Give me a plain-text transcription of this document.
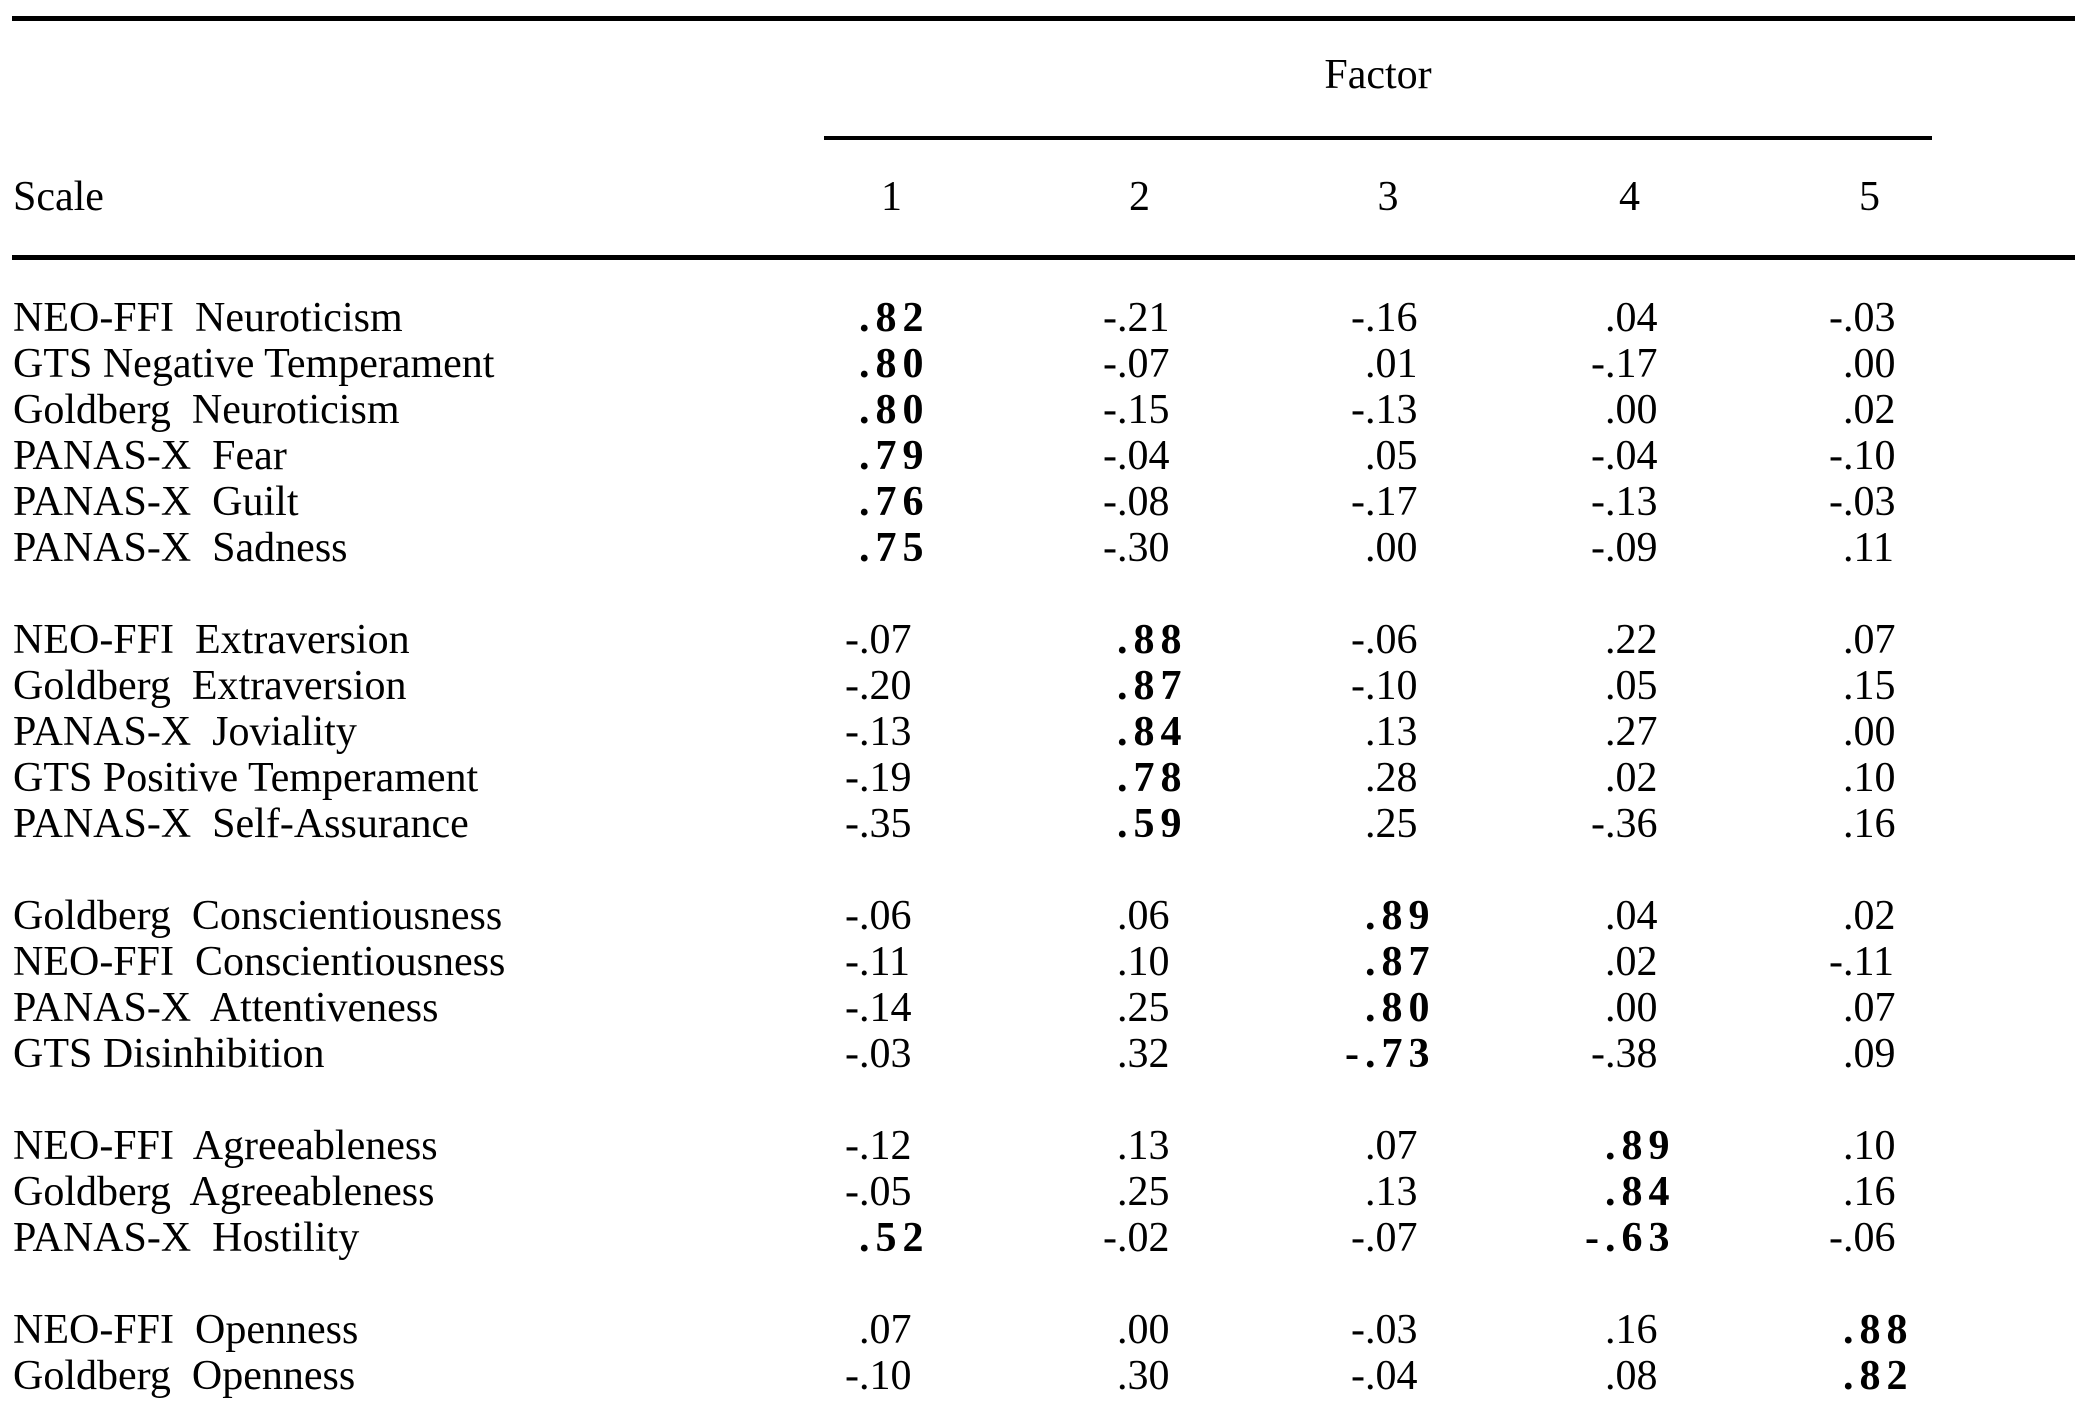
Factor
Scale	1	2	3	4	5
NEO-FFI  Neuroticism	.82	- .21	- .16	.04	- .03
GTS Negative Temperament	.80	- .07	.01	- .17	.00
Goldberg  Neuroticism	.80	- .15	- .13	.00	.02
PANAS-X  Fear	.79	- .04	.05	- .04	- .10
PANAS-X  Guilt	.76	- .08	- .17	- .13	- .03
PANAS-X  Sadness	.75	- .30	.00	- .09	.11
NEO-FFI  Extraversion	- .07	.88	- .06	.22	.07
Goldberg  Extraversion	- .20	.87	- .10	.05	.15
PANAS-X  Joviality	- .13	.84	.13	.27	.00
GTS Positive Temperament	- .19	.78	.28	.02	.10
PANAS-X  Self-Assurance	- .35	.59	.25	- .36	.16
Goldberg  Conscientiousness	- .06	.06	.89	.04	.02
NEO-FFI  Conscientiousness	- .11	.10	.87	.02	- .11
PANAS-X  Attentiveness	- .14	.25	.80	.00	.07
GTS Disinhibition	- .03	.32	- .73	- .38	.09
NEO-FFI  Agreeableness	- .12	.13	.07	.89	.10
Goldberg  Agreeableness	- .05	.25	.13	.84	.16
PANAS-X  Hostility	.52	- .02	- .07	- .63	- .06
NEO-FFI  Openness	.07	.00	- .03	.16	.88
Goldberg  Openness	- .10	.30	- .04	.08	.82
